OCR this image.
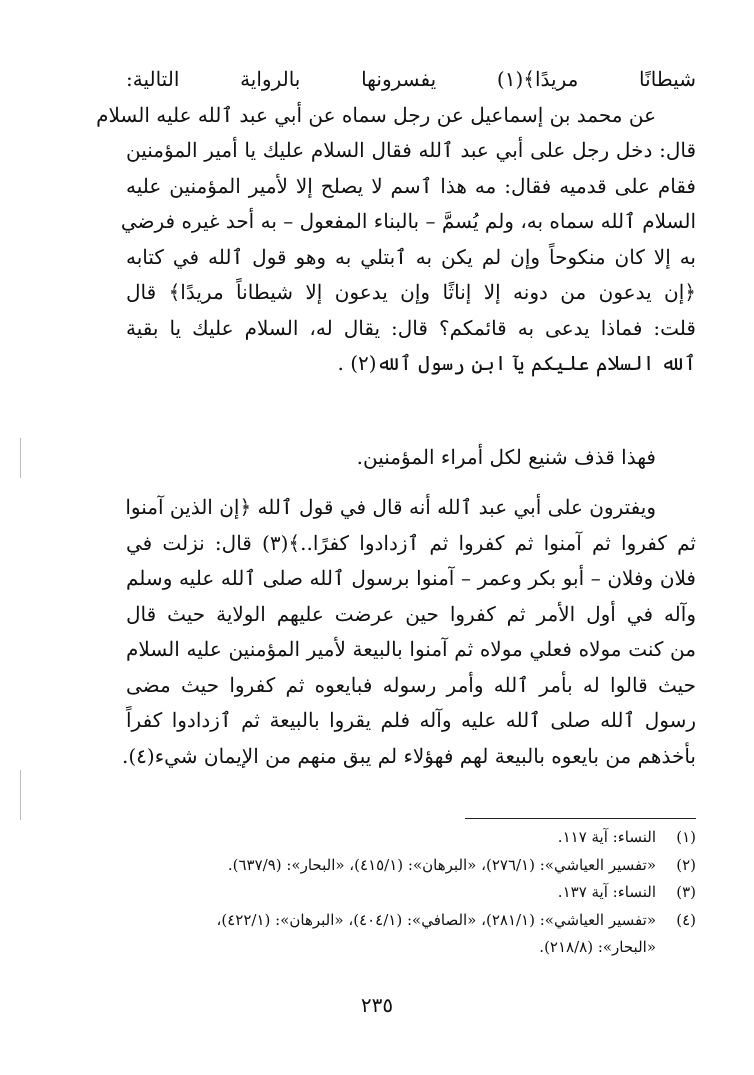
شيطانًا مريدًا﴾(١) يفسرونها بالرواية التالية:
عن محمد بن إسماعيل عن رجل سماه عن أبي عبد ٱلله عليه السلام
قال: دخل رجل على أبي عبد ٱلله فقال السلام عليك يا أمير المؤمنين
فقام على قدميه فقال: مه هذا ٱسم لا يصلح إلا لأمير المؤمنين عليه
السلام ٱلله سماه به، ولم يُسمَّ – بالبناء المفعول – به أحد غيره فرضي
به إلا كان منكوحاً وإن لم يكن به ٱبتلي به وهو قول ٱلله في كتابه
﴿إن يدعون من دونه إلا إناثًا وإن يدعون إلا شيطاناً مريدًا﴾ قال
قلت: فماذا يدعى به قائمكم؟ قال: يقال له، السلام عليك يا بقية
ٱلله السلام عليكم يآ ابن رسول ٱلله(٢) .
فهذا قذف شنيع لكل أمراء المؤمنين.
ويفترون على أبي عبد ٱلله أنه قال في قول ٱلله ﴿إن الذين آمنوا
ثم كفروا ثم آمنوا ثم كفروا ثم ٱزدادوا كفرًا..﴾(٣) قال: نزلت في
فلان وفلان – أبو بكر وعمر – آمنوا برسول ٱلله صلى ٱلله عليه وسلم
وآله في أول الأمر ثم كفروا حين عرضت عليهم الولاية حيث قال
من كنت مولاه فعلي مولاه ثم آمنوا بالبيعة لأمير المؤمنين عليه السلام
حيث قالوا له بأمر ٱلله وأمر رسوله فبايعوه ثم كفروا حيث مضى
رسول ٱلله صلى ٱلله عليه وآله فلم يقروا بالبيعة ثم ٱزدادوا كفراً
بأخذهم من بايعوه بالبيعة لهم فهؤلاء لم يبق منهم من الإيمان شيء(٤).
(١)النساء: آية ١١٧.
(٢)«تفسير العياشي»: (٢٧٦/١)، «البرهان»: (٤١٥/١)، «البحار»: (٦٣٧/٩).
(٣)النساء: آية ١٣٧.
(٤)«تفسير العياشي»: (٢٨١/١)، «الصافي»: (٤٠٤/١)، «البرهان»: (٤٢٢/١)،
«البحار»: (٢١٨/٨).
٢٣٥
